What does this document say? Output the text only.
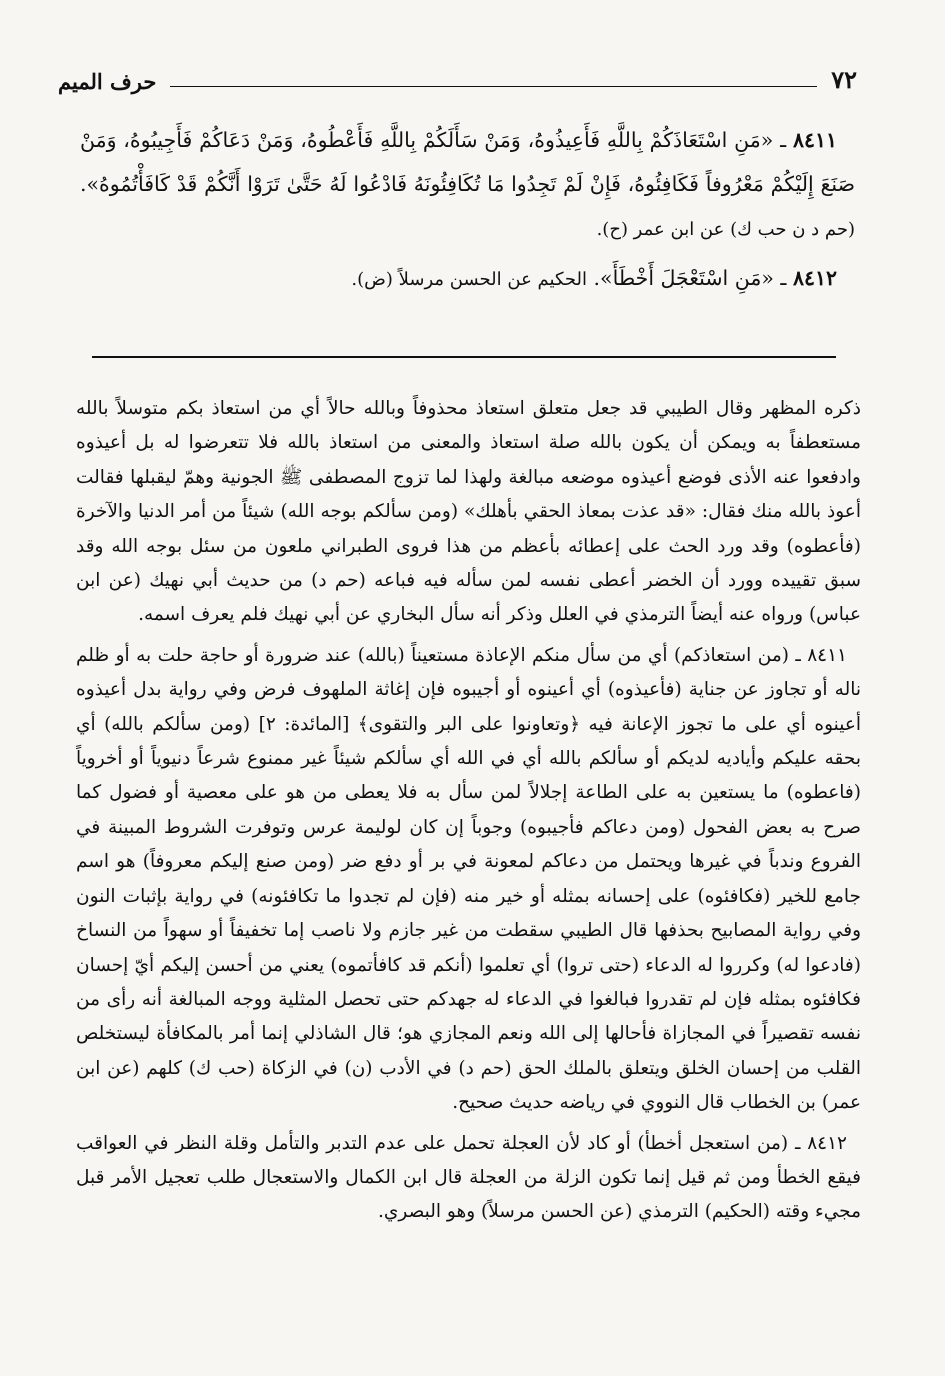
٧٢
حرف الميم

٨٤١١ ـ «مَنِ اسْتَعَاذَكُمْ بِاللَّهِ فَأَعِيذُوهُ، وَمَنْ سَأَلَكُمْ بِاللَّهِ فَأَعْطُوهُ، وَمَنْ دَعَاكُمْ فَأَجِيبُوهُ، وَمَنْ صَنَعَ إِلَيْكُمْ مَعْرُوفاً فَكَافِئُوهُ، فَإِنْ لَمْ تَجِدُوا مَا تُكَافِئُونَهُ فَادْعُوا لَهُ حَتَّىٰ تَرَوْا أَنَّكُمْ قَدْ كَافَأْتُمُوهُ». (حم د ن حب ك) عن ابن عمر (ح).

٨٤١٢ ـ «مَنِ اسْتَعْجَلَ أَخْطَأَ». الحكيم عن الحسن مرسلاً (ض).

ذكره المظهر وقال الطيبي قد جعل متعلق استعاذ محذوفاً وبالله حالاً أي من استعاذ بكم متوسلاً بالله مستعطفاً به ويمكن أن يكون بالله صلة استعاذ والمعنى من استعاذ بالله فلا تتعرضوا له بل أعيذوه وادفعوا عنه الأذى فوضع أعيذوه موضعه مبالغة ولهذا لما تزوج المصطفى ﷺ الجونية وهمّ ليقبلها فقالت أعوذ بالله منك فقال: «قد عذت بمعاذ الحقي بأهلك» (ومن سألكم بوجه الله) شيئاً من أمر الدنيا والآخرة (فأعطوه) وقد ورد الحث على إعطائه بأعظم من هذا فروى الطبراني ملعون من سئل بوجه الله وقد سبق تقييده وورد أن الخضر أعطى نفسه لمن سأله فيه فباعه (حم د) من حديث أبي نهيك (عن ابن عباس) ورواه عنه أيضاً الترمذي في العلل وذكر أنه سأل البخاري عن أبي نهيك فلم يعرف اسمه.

٨٤١١ ـ (من استعاذكم) أي من سأل منكم الإعاذة مستعيناً (بالله) عند ضرورة أو حاجة حلت به أو ظلم ناله أو تجاوز عن جناية (فأعيذوه) أي أعينوه أو أجيبوه فإن إغاثة الملهوف فرض وفي رواية بدل أعيذوه أعينوه أي على ما تجوز الإعانة فيه ﴿وتعاونوا على البر والتقوى﴾ [المائدة: ٢] (ومن سألكم بالله) أي بحقه عليكم وأياديه لديكم أو سألكم بالله أي في الله أي سألكم شيئاً غير ممنوع شرعاً دنيوياً أو أخروياً (فاعطوه) ما يستعين به على الطاعة إجلالاً لمن سأل به فلا يعطى من هو على معصية أو فضول كما صرح به بعض الفحول (ومن دعاكم فأجيبوه) وجوباً إن كان لوليمة عرس وتوفرت الشروط المبينة في الفروع وندباً في غيرها ويحتمل من دعاكم لمعونة في بر أو دفع ضر (ومن صنع إليكم معروفاً) هو اسم جامع للخير (فكافئوه) على إحسانه بمثله أو خير منه (فإن لم تجدوا ما تكافئونه) في رواية بإثبات النون وفي رواية المصابيح بحذفها قال الطيبي سقطت من غير جازم ولا ناصب إما تخفيفاً أو سهواً من النساخ (فادعوا له) وكرروا له الدعاء (حتى تروا) أي تعلموا (أنكم قد كافأتموه) يعني من أحسن إليكم أيّ إحسان فكافئوه بمثله فإن لم تقدروا فبالغوا في الدعاء له جهدكم حتى تحصل المثلية ووجه المبالغة أنه رأى من نفسه تقصيراً في المجازاة فأحالها إلى الله ونعم المجازي هو؛ قال الشاذلي إنما أمر بالمكافأة ليستخلص القلب من إحسان الخلق ويتعلق بالملك الحق (حم د) في الأدب (ن) في الزكاة (حب ك) كلهم (عن ابن عمر) بن الخطاب قال النووي في رياضه حديث صحيح.

٨٤١٢ ـ (من استعجل أخطأ) أو كاد لأن العجلة تحمل على عدم التدبر والتأمل وقلة النظر في العواقب فيقع الخطأ ومن ثم قيل إنما تكون الزلة من العجلة قال ابن الكمال والاستعجال طلب تعجيل الأمر قبل مجيء وقته (الحكيم) الترمذي (عن الحسن مرسلاً) وهو البصري.
